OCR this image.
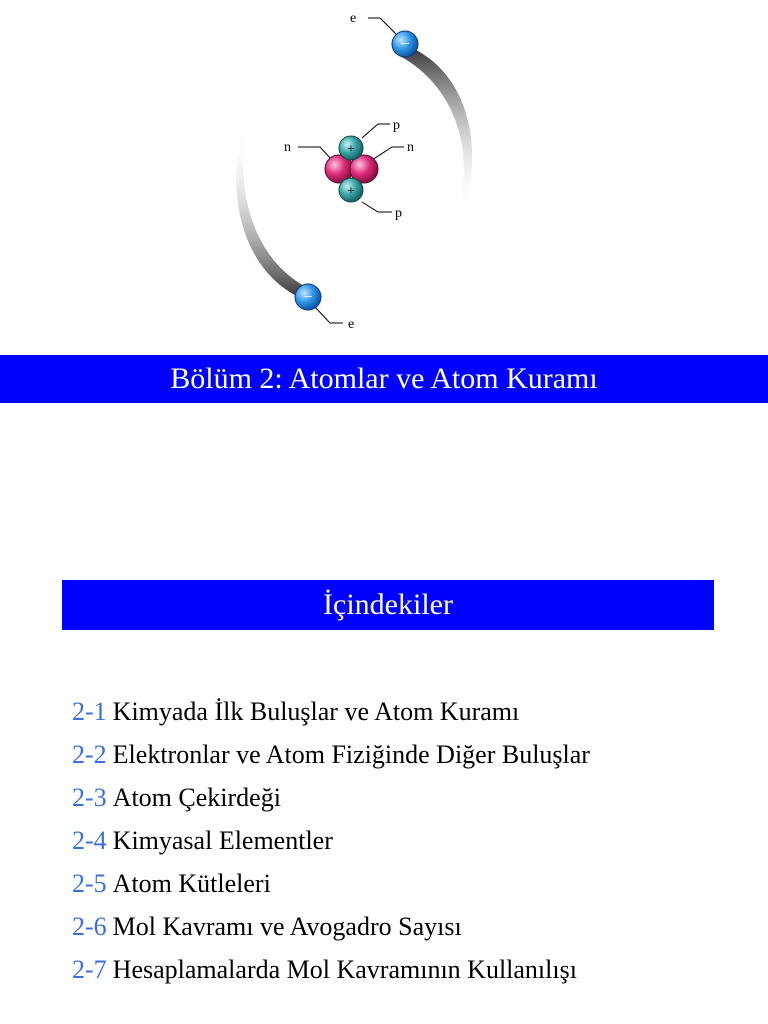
e
−
e
−
p
p
n	n
+
+
Bölüm 2: Atomlar ve Atom Kuramı
İçindekiler
2-1 Kimyada İlk Buluşlar ve Atom Kuramı
2-2 Elektronlar ve Atom Fiziğinde Diğer Buluşlar
2-3 Atom Çekirdeği
2-4 Kimyasal Elementler
2-5 Atom Kütleleri
2-6 Mol Kavramı ve Avogadro Sayısı
2-7 Hesaplamalarda Mol Kavramının Kullanılışı
